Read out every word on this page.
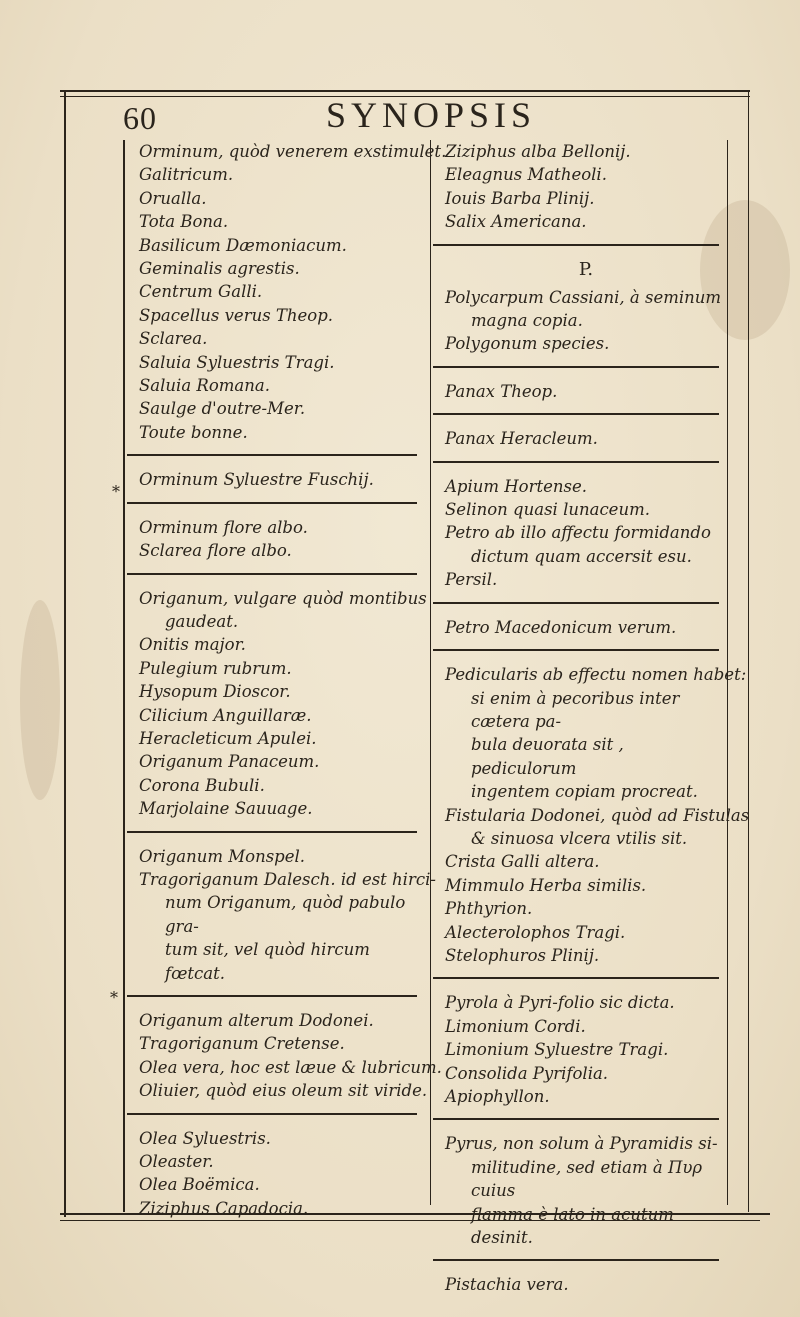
60	SYNOPSIS
Orminum, quòd venerem exstimulet.
Galitricum.
Orualla.
Tota Bona.
Basilicum Dæmoniacum.
Geminalis agrestis.
Centrum Galli.
Spacellus verus Theop.
Sclarea.
Saluia Syluestris Tragi.
Saluia Romana.
Saulge d'outre-Mer.
Toute bonne.
Orminum Syluestre Fuschij.
Orminum flore albo.
Sclarea flore albo.
Origanum, vulgare quòd montibus
gaudeat.
Onitis major.
Pulegium rubrum.
Hysopum Dioscor.
Cilicium Anguillaræ.
Heracleticum Apulei.
Origanum Panaceum.
Corona Bubuli.
Marjolaine Sauuage.
Origanum Monspel.
Tragoriganum Dalesch. id est hirci-
num Origanum, quòd pabulo gra-
tum sit, vel quòd hircum fœtcat.
Origanum alterum Dodonei.
Tragoriganum Cretense.
Olea vera, hoc est læue & lubricum.
Oliuier, quòd eius oleum sit viride.
Olea Syluestris.
Oleaster.
Olea Boëmica.
Ziziphus Capadocia.
Ziziphus alba Bellonij.
Eleagnus Matheoli.
Iouis Barba Plinij.
Salix Americana.
P.
Polycarpum Cassiani, à seminum
magna copia.
Polygonum species.
Panax Theop.
Panax Heracleum.
Apium Hortense.
Selinon quasi lunaceum.
Petro ab illo affectu formidando
dictum quam accersit esu.
Persil.
Petro Macedonicum verum.
Pedicularis ab effectu nomen habet:
si enim à pecoribus inter cætera pa-
bula deuorata sit , pediculorum
ingentem copiam procreat.
Fistularia Dodonei, quòd ad Fistulas
& sinuosa vlcera vtilis sit.
Crista Galli altera.
Mimmulo Herba similis.
Phthyrion.
Alecterolophos Tragi.
Stelophuros Plinij.
Pyrola à Pyri-folio sic dicta.
Limonium Cordi.
Limonium Syluestre Tragi.
Consolida Pyrifolia.
Apiophyllon.
Pyrus, non solum à Pyramidis si-
militudine, sed etiam à Πυρ cuius
flamma è lato in acutum desinit.
Pistachia vera.
*
*
